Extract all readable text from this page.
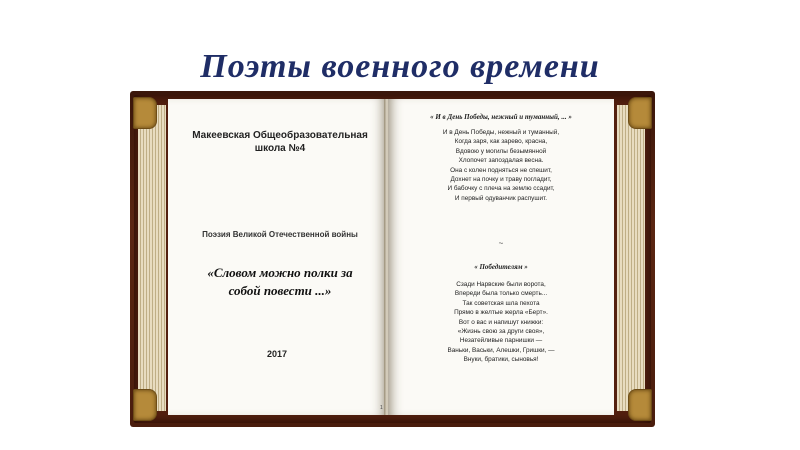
Поэты военного времени
Макеевская Общеобразовательная
школа №4
Поэзия Великой Отечественной войны
«Словом можно полки за
собой повести ...»
2017
1
« И в День Победы, нежный и туманный, ... »
И в День Победы, нежный и туманный,
Когда заря, как зарево, красна,
Вдовою у могилы безымянной
Хлопочет запоздалая весна.
Она с колен подняться не спешит,
Дохнет на почку и траву погладит,
И бабочку с плеча на землю ссадит,
И первый одуванчик распушит.
~
« Победителям »
Сзади Нарвские были ворота,
Впереди была только смерть...
Так советская шла пехота
Прямо в желтые жерла «Берт».
Вот о вас и напишут книжки:
«Жизнь свою за други своя»,
Незатейливые парнишки —
Ваньки, Васьки, Алешки, Гришки, —
Внуки, братики, сыновья!
